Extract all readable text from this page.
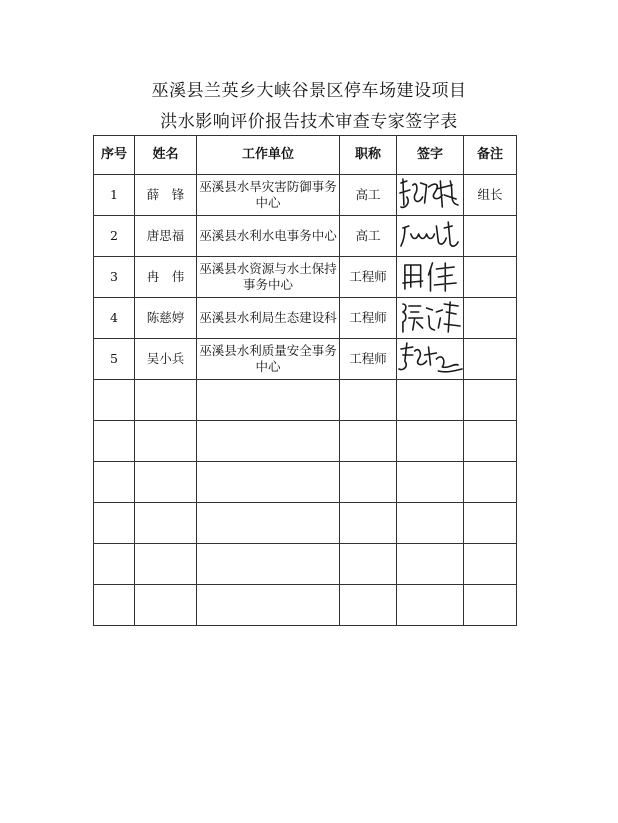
巫溪县兰英乡大峡谷景区停车场建设项目
洪水影响评价报告技术审查专家签字表
序号	姓名	工作单位	职称	签字	备注
1	薛　锋	巫溪县水旱灾害防御事务中心	高工		组长
2	唐思福	巫溪县水利水电事务中心	高工	

3	冉　伟	巫溪县水资源与水土保持事务中心	工程师	

4	陈慈婷	巫溪县水利局生态建设科	工程师	

5	吴小兵	巫溪县水利质量安全事务中心	工程师	
